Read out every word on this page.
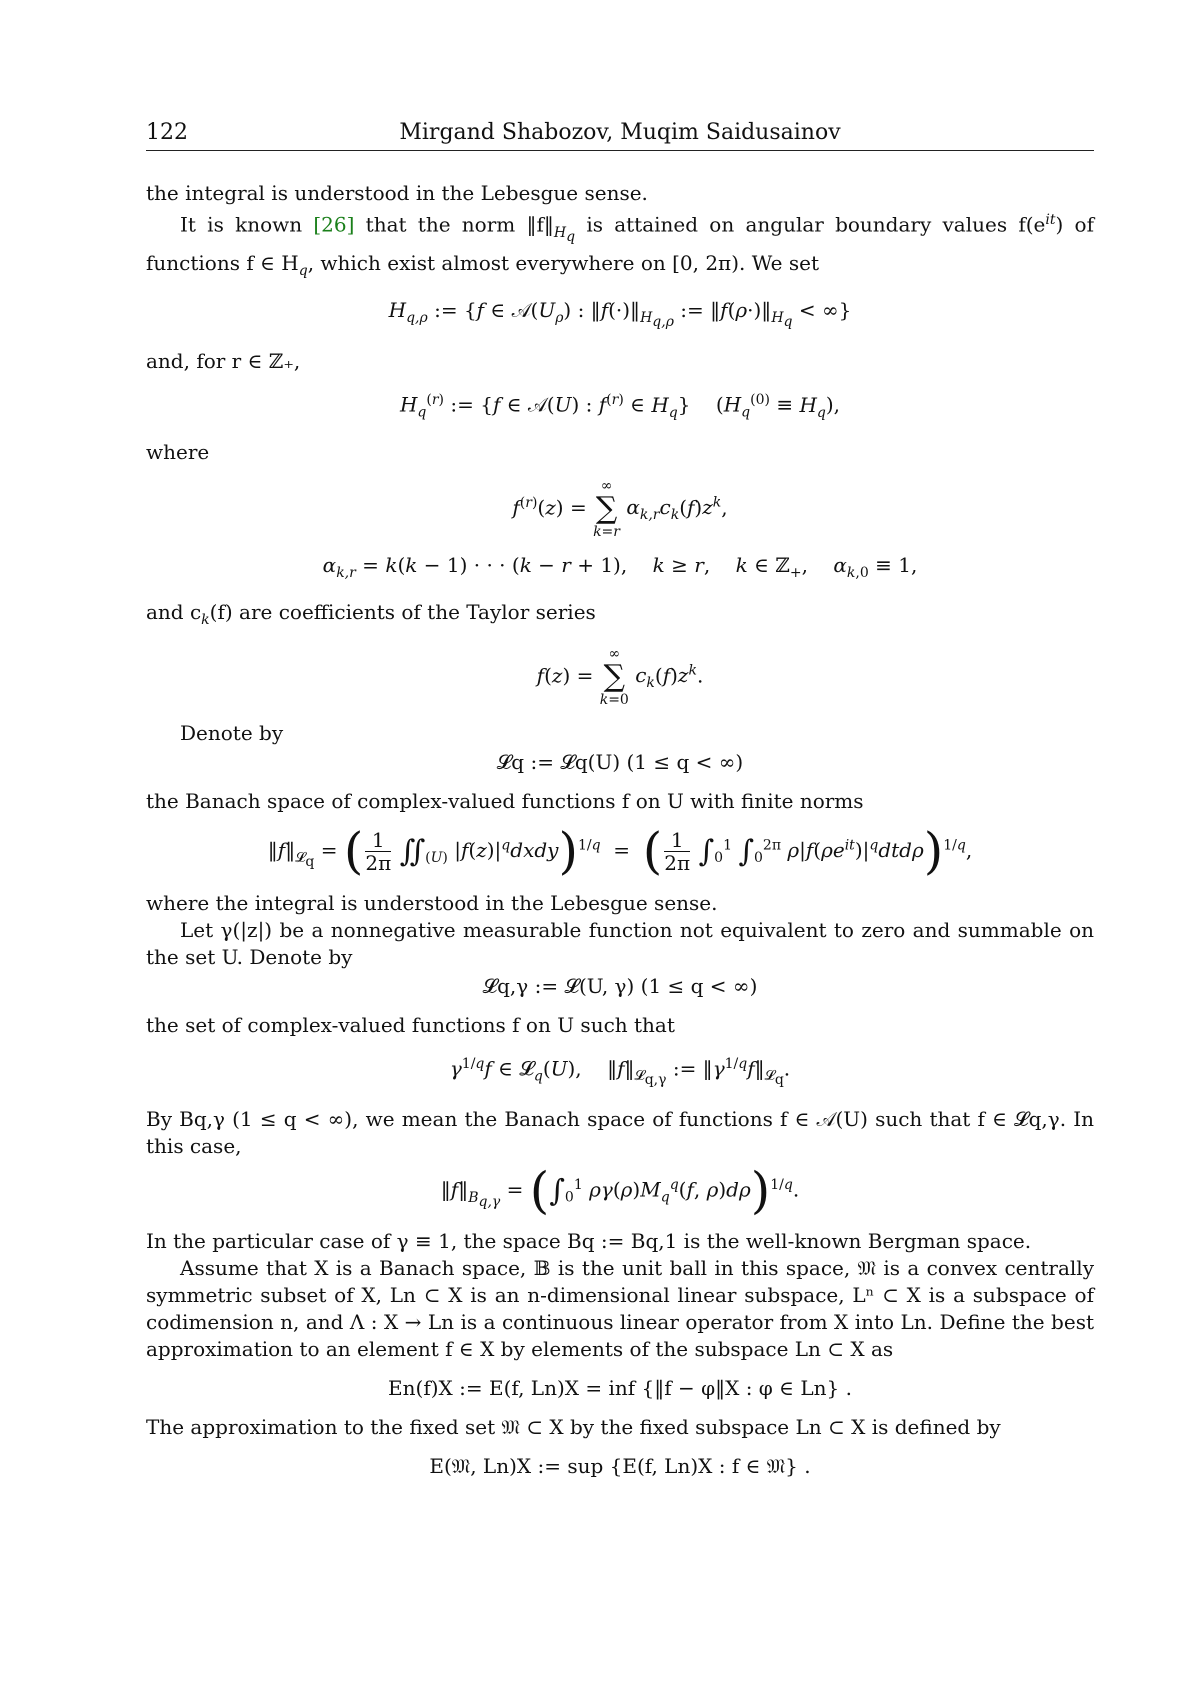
122	Mirgand Shabozov, Muqim Saidusainov

the integral is understood in the Lebesgue sense.

It is known [26] that the norm $‖f‖_{H_q}$ is attained on angular boundary values $f(e^{it})$ of functions f ∈ $H_q$, which exist almost everywhere on [0, 2π). We set

$H_{q,\rho}$ := {f ∈ $𝒜(U_\rho)$ : $‖f(\cdot)‖_{H_{q,\rho}}$ := $‖f(\rho\cdot)‖_{H_q}$ < ∞}

and, for r ∈ ℤ₊,

$H_q^{(r)}$ := {f ∈ 𝒜(U) : $f^{(r)}$ ∈ $H_q$}    $(H_q^{(0)} \equiv H_q)$,

where

$f^{(r)}(z)$ =
∞
∑
k=r
$\alpha_{k,r}c_k(f)z^k$,
$\alpha_{k,r} = k(k - 1)$ · · · (k − r + 1),    k ≥ r,    k ∈ ℤ$_+$,    $\alpha_{k,0} \equiv 1$,

and $c_k(f)$ are coefficients of the Taylor series

f(z) =
∞
∑
k=0
$c_k(f)z^k$.

Denote by

𝓛q := 𝓛q(U) (1 ≤ q < ∞)

the Banach space of complex-valued functions f on U with finite norms

$‖f‖_{𝓛_q}$ = ( $\frac{1}{2\pi}$ $∬_{(U)}$ $|f(z)|^qdxdy)^{1/q}$  =  ( $\frac{1}{2\pi} \int_0^1$ $\int_0^{2\pi}$ $\rho|f(\rho e^{it})|^qdtd\rho)^{1/q}$,

where the integral is understood in the Lebesgue sense.

Let γ(|z|) be a nonnegative measurable function not equivalent to zero and summable on the set U. Denote by

𝓛q,γ := 𝓛(U, γ) (1 ≤ q < ∞)

the set of complex-valued functions f on U such that

$\gamma^{1/q}f$ ∈ 𝓛$_q$(U),    $‖f‖_{𝓛_{q,\gamma}}$ := $‖\gamma^{1/q}f‖_{𝓛_q}$.

By Bq,γ (1 ≤ q < ∞), we mean the Banach space of functions f ∈ 𝒜(U) such that f ∈ 𝓛q,γ. In this case,

$‖f‖_{B_{q,\gamma}} = (\int_0^1$ $\rho\gamma(\rho)M_q^q(f$, ρ)dρ)$^{1/q}$.

In the particular case of γ ≡ 1, the space Bq := Bq,1 is the well-known Bergman space.

Assume that X is a Banach space, 𝔹 is the unit ball in this space, 𝔐 is a convex centrally symmetric subset of X, Ln ⊂ X is an n-dimensional linear subspace, Lⁿ ⊂ X is a subspace of codimension n, and Λ : X → Ln is a continuous linear operator from X into Ln. Define the best approximation to an element f ∈ X by elements of the subspace Ln ⊂ X as

En(f)X := E(f, Ln)X = inf {‖f − φ‖X : φ ∈ Ln} .

The approximation to the fixed set 𝔐 ⊂ X by the fixed subspace Ln ⊂ X is defined by

E(𝔐, Ln)X := sup {E(f, Ln)X : f ∈ 𝔐} .
